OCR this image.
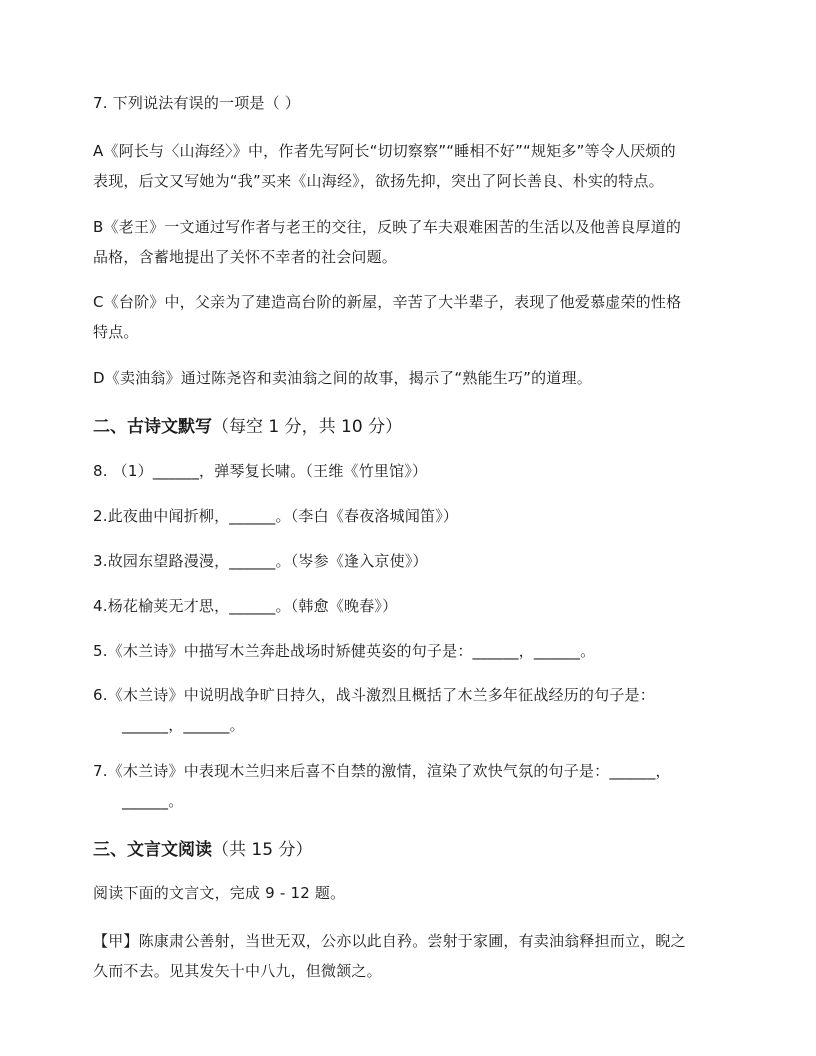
7. 下列说法有误的一项是（ ）
A《阿长与〈山海经〉》中，作者先写阿长“切切察察”“睡相不好”“规矩多”等令人厌烦的
表现，后文又写她为“我”买来《山海经》，欲扬先抑，突出了阿长善良、朴实的特点。
B《老王》一文通过写作者与老王的交往，反映了车夫艰难困苦的生活以及他善良厚道的
品格，含蓄地提出了关怀不幸者的社会问题。
C《台阶》中，父亲为了建造高台阶的新屋，辛苦了大半辈子，表现了他爱慕虚荣的性格
特点。
D《卖油翁》通过陈尧咨和卖油翁之间的故事，揭示了“熟能生巧”的道理。
二、古诗文默写（每空 1 分，共 10 分）
8. （1）______，弹琴复长啸。（王维《竹里馆》）
2.此夜曲中闻折柳，______。（李白《春夜洛城闻笛》）
3.故园东望路漫漫，______。（岑参《逢入京使》）
4.杨花榆荚无才思，______。（韩愈《晚春》）
5.《木兰诗》中描写木兰奔赴战场时矫健英姿的句子是：______，______。
6.《木兰诗》中说明战争旷日持久，战斗激烈且概括了木兰多年征战经历的句子是：
______，______。
7.《木兰诗》中表现木兰归来后喜不自禁的激情，渲染了欢快气氛的句子是：______，
______。
三、文言文阅读（共 15 分）
阅读下面的文言文，完成 9 - 12 题。
【甲】陈康肃公善射，当世无双，公亦以此自矜。尝射于家圃，有卖油翁释担而立，睨之
久而不去。见其发矢十中八九，但微颔之。
